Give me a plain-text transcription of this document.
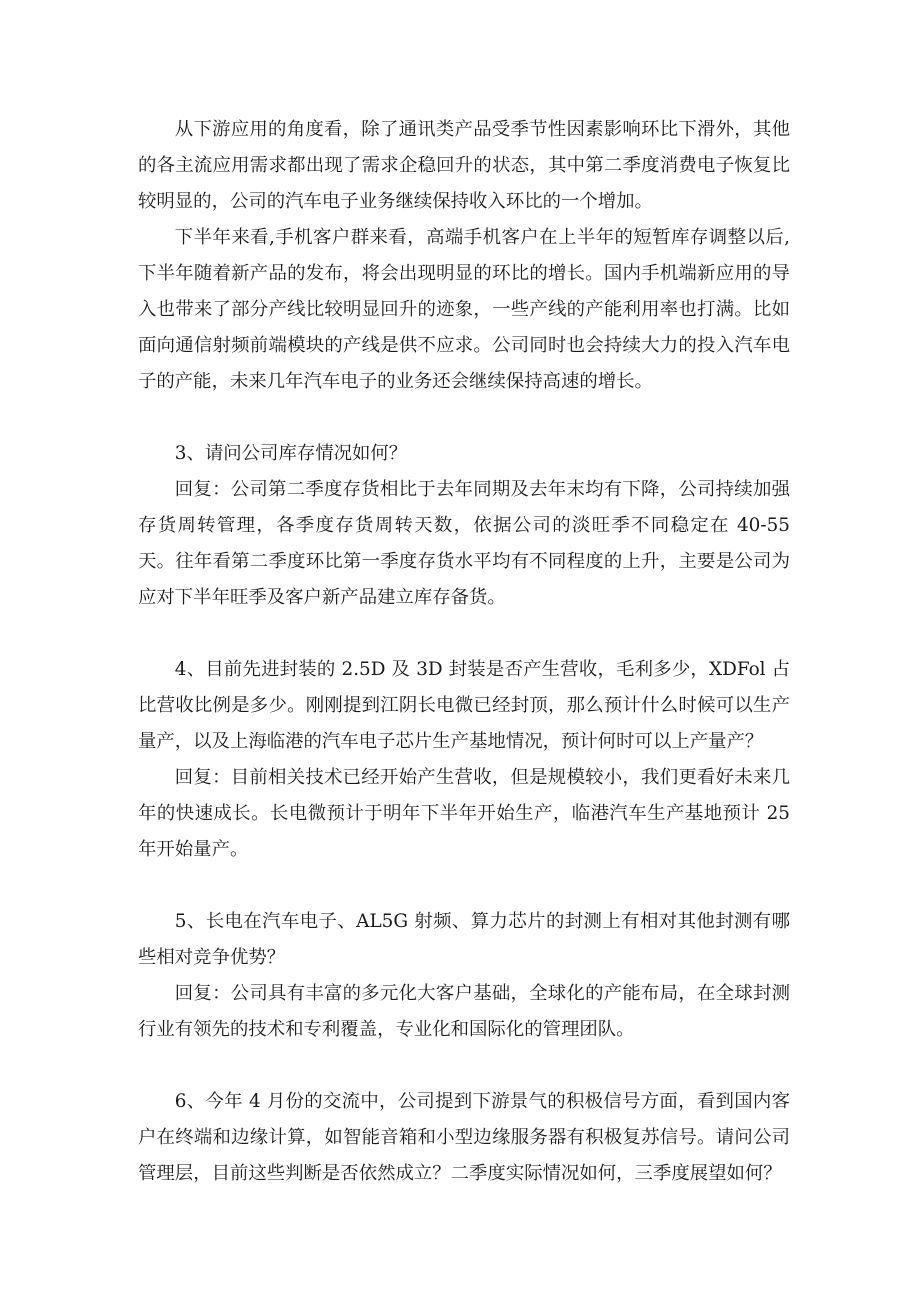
从下游应用的角度看，除了通讯类产品受季节性因素影响环比下滑外，其他的各主流应用需求都出现了需求企稳回升的状态，其中第二季度消费电子恢复比较明显的，公司的汽车电子业务继续保持收入环比的一个增加。

下半年来看,手机客户群来看，高端手机客户在上半年的短暂库存调整以后,下半年随着新产品的发布，将会出现明显的环比的增长。国内手机端新应用的导入也带来了部分产线比较明显回升的迹象，一些产线的产能利用率也打满。比如面向通信射频前端模块的产线是供不应求。公司同时也会持续大力的投入汽车电子的产能，未来几年汽车电子的业务还会继续保持高速的增长。

3、请问公司库存情况如何？

回复：公司第二季度存货相比于去年同期及去年末均有下降，公司持续加强存货周转管理，各季度存货周转天数，依据公司的淡旺季不同稳定在 40-55 天。往年看第二季度环比第一季度存货水平均有不同程度的上升，主要是公司为应对下半年旺季及客户新产品建立库存备货。

4、目前先进封装的 2.5D 及 3D 封装是否产生营收，毛利多少，XDFol 占比营收比例是多少。刚刚提到江阴长电微已经封顶，那么预计什么时候可以生产量产，以及上海临港的汽车电子芯片生产基地情况，预计何时可以上产量产？

回复：目前相关技术已经开始产生营收，但是规模较小，我们更看好未来几年的快速成长。长电微预计于明年下半年开始生产，临港汽车生产基地预计 25 年开始量产。

5、长电在汽车电子、AL5G 射频、算力芯片的封测上有相对其他封测有哪些相对竞争优势？

回复：公司具有丰富的多元化大客户基础，全球化的产能布局，在全球封测行业有领先的技术和专利覆盖，专业化和国际化的管理团队。

6、今年 4 月份的交流中，公司提到下游景气的积极信号方面，看到国内客户在终端和边缘计算，如智能音箱和小型边缘服务器有积极复苏信号。请问公司管理层，目前这些判断是否依然成立？二季度实际情况如何，三季度展望如何？
